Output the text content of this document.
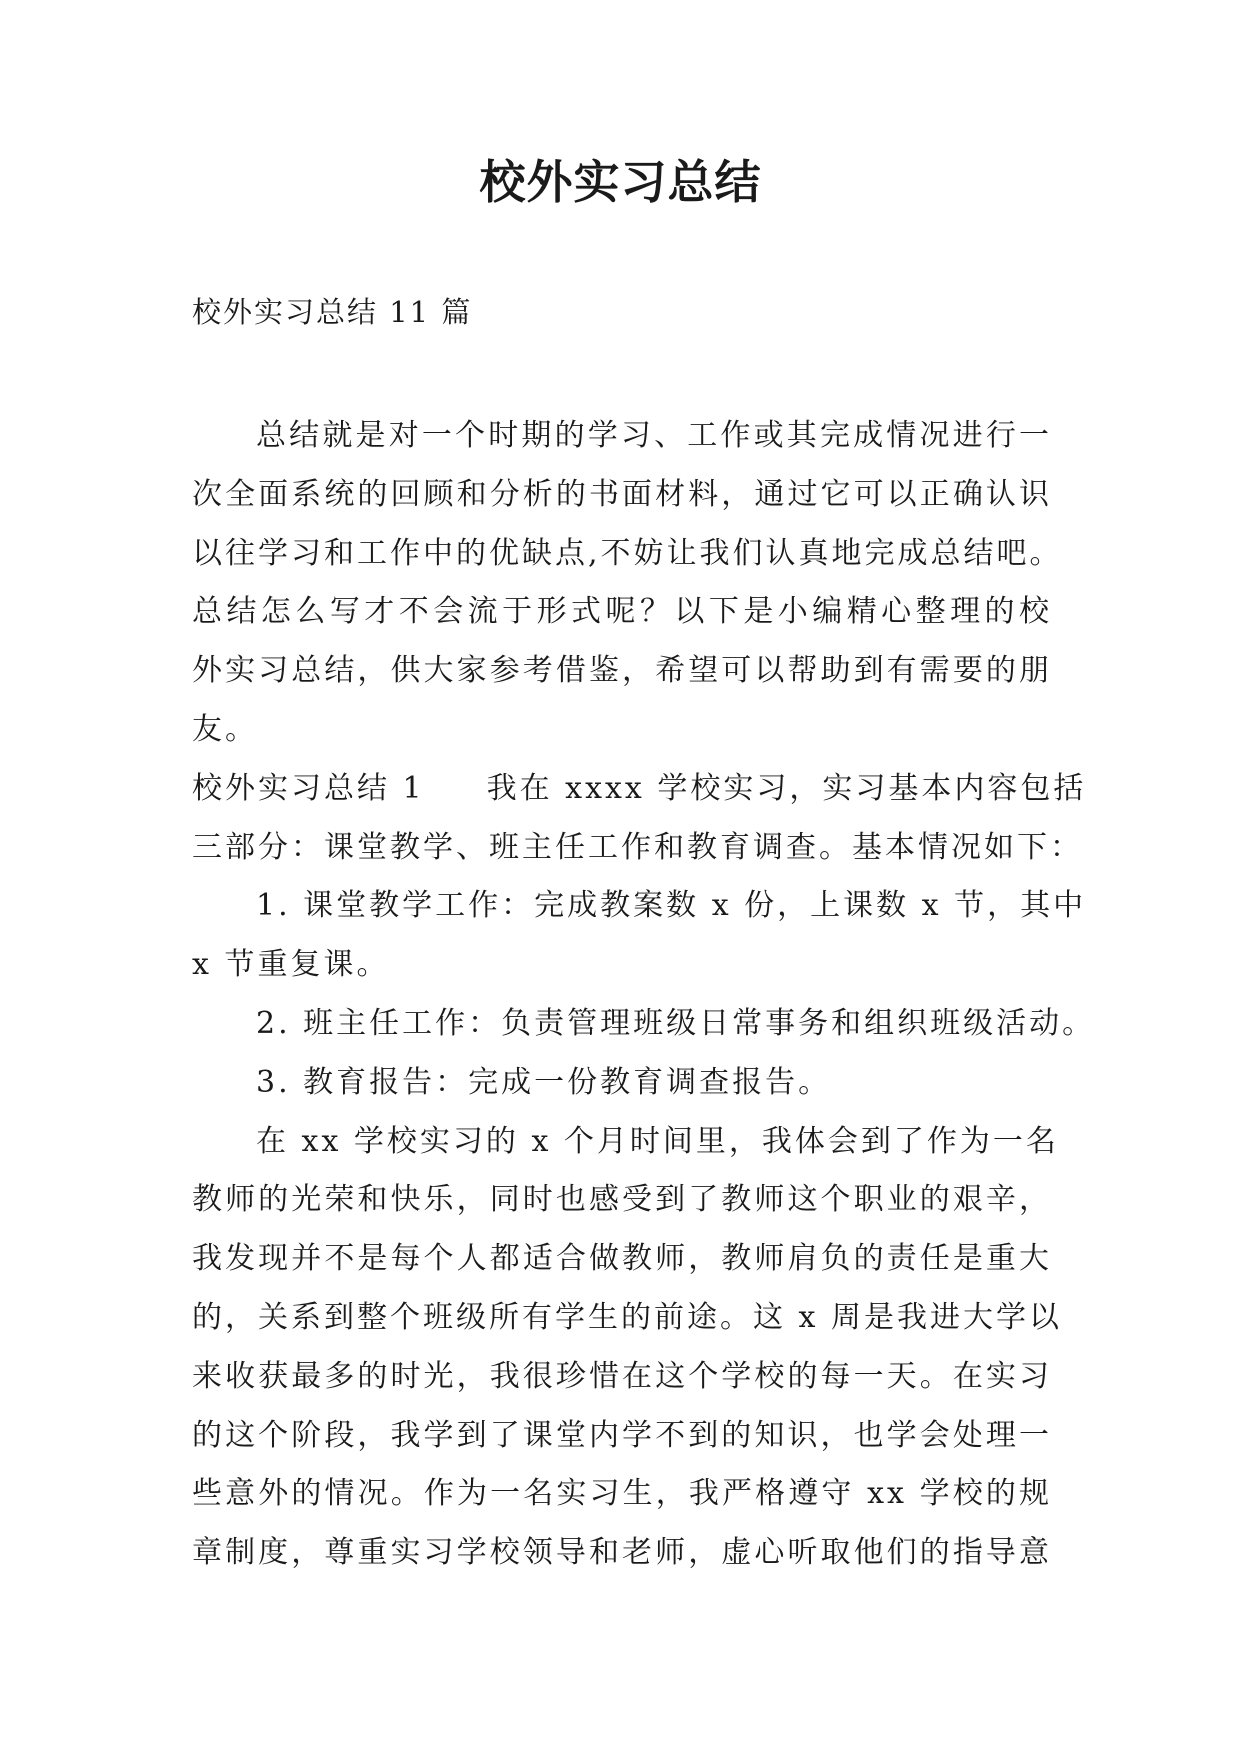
校外实习总结
校外实习总结 11 篇
总结就是对一个时期的学习、工作或其完成情况进行一
次全面系统的回顾和分析的书面材料，通过它可以正确认识
以往学习和工作中的优缺点,不妨让我们认真地完成总结吧。
总结怎么写才不会流于形式呢？以下是小编精心整理的校
外实习总结，供大家参考借鉴，希望可以帮助到有需要的朋
友。
校外实习总结 1 我在 xxxx 学校实习，实习基本内容包括
三部分：课堂教学、班主任工作和教育调查。基本情况如下：
1. 课堂教学工作：完成教案数 x 份，上课数 x 节，其中
x 节重复课。
2. 班主任工作：负责管理班级日常事务和组织班级活动。
3. 教育报告：完成一份教育调查报告。
在 xx 学校实习的 x 个月时间里，我体会到了作为一名
教师的光荣和快乐，同时也感受到了教师这个职业的艰辛，
我发现并不是每个人都适合做教师，教师肩负的责任是重大
的，关系到整个班级所有学生的前途。这 x 周是我进大学以
来收获最多的时光，我很珍惜在这个学校的每一天。在实习
的这个阶段，我学到了课堂内学不到的知识，也学会处理一
些意外的情况。作为一名实习生，我严格遵守 xx 学校的规
章制度，尊重实习学校领导和老师，虚心听取他们的指导意
